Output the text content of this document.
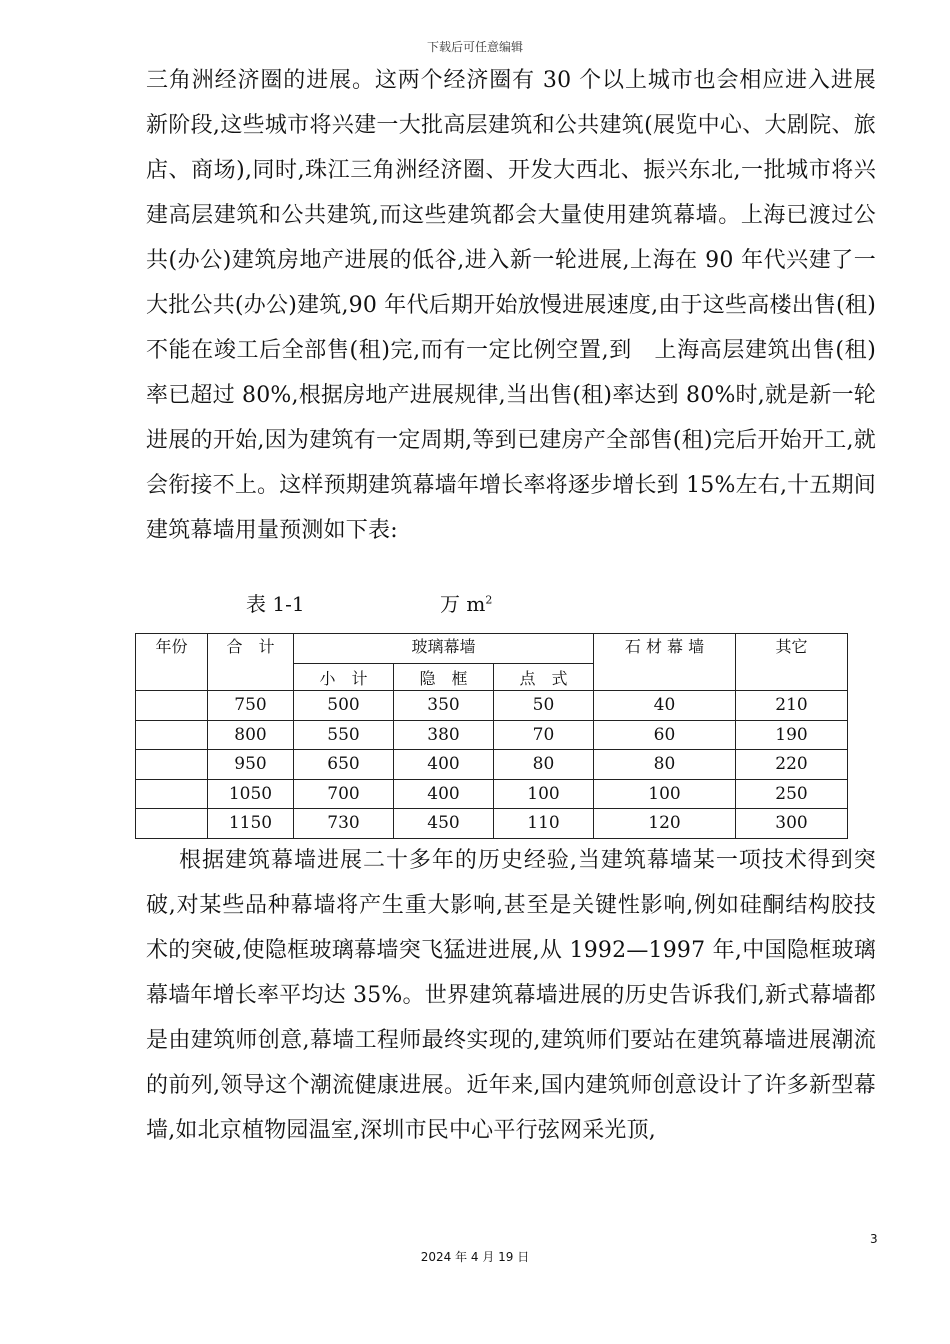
下载后可任意编辑

三角洲经济圈的进展。这两个经济圈有 30 个以上城市也会相应进入进展新阶段,这些城市将兴建一大批高层建筑和公共建筑(展览中心、大剧院、旅店、商场),同时,珠江三角洲经济圈、开发大西北、振兴东北,一批城市将兴建高层建筑和公共建筑,而这些建筑都会大量使用建筑幕墙。上海已渡过公共(办公)建筑房地产进展的低谷,进入新一轮进展,上海在 90 年代兴建了一大批公共(办公)建筑,90 年代后期开始放慢进展速度,由于这些高楼出售(租)不能在竣工后全部售(租)完,而有一定比例空置,到　上海高层建筑出售(租)率已超过 80%,根据房地产进展规律,当出售(租)率达到 80%时,就是新一轮进展的开始,因为建筑有一定周期,等到已建房产全部售(租)完后开始开工,就会衔接不上。这样预期建筑幕墙年增长率将逐步增长到 15%左右,十五期间建筑幕墙用量预测如下表:

表 1-1	万 $m^2$
年份	合　计	玻璃幕墙			石 材 幕 墙	其它
		小　计	隐　框	点　式		
	750	500	350	50	40	210
	800	550	380	70	60	190
	950	650	400	80	80	220
	1050	700	400	100	100	250
	1150	730	450	110	120	300

根据建筑幕墙进展二十多年的历史经验,当建筑幕墙某一项技术得到突破,对某些品种幕墙将产生重大影响,甚至是关键性影响,例如硅酮结构胶技术的突破,使隐框玻璃幕墙突飞猛进进展,从 1992—1997 年,中国隐框玻璃幕墙年增长率平均达 35%。世界建筑幕墙进展的历史告诉我们,新式幕墙都是由建筑师创意,幕墙工程师最终实现的,建筑师们要站在建筑幕墙进展潮流的前列,领导这个潮流健康进展。近年来,国内建筑师创意设计了许多新型幕墙,如北京植物园温室,深圳市民中心平行弦网采光顶,

3
2024 年 4 月 19 日
